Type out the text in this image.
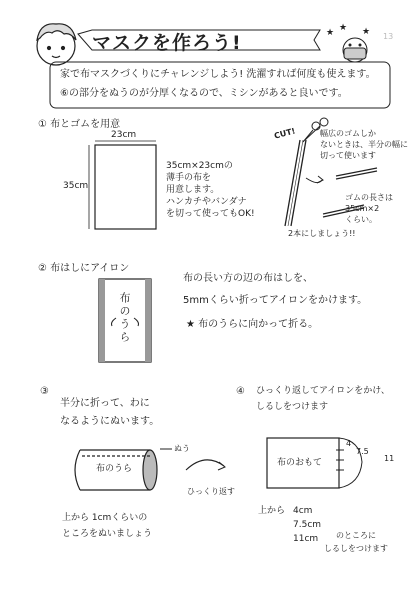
★ ★ ★
マスクを作ろう!	13
家で布マスクづくりにチャレンジしよう! 洗濯すれば何度も使えます。
⑥の部分をぬうのが分厚くなるので、ミシンがあると良いです。
① 布とゴムを用意
23cm
35cm
35cm×23cmの
薄手の布を
用意します。
ハンカチやバンダナ
を切って使ってもOK!
CUT!	幅広のゴムしか
ないときは、半分の幅に
切って使います
ゴムの長さは
35cm×2
くらい。
2本にしましょう!!
② 布はしにアイロン
布のうら
布の長い方の辺の布はしを、
5mmくらい折ってアイロンをかけます。
★ 布のうらに向かって折る。
③
半分に折って、わに
なるようにぬいます。
ぬう
布のうら
ひっくり返す
上から 1cmくらいの
ところをぬいましょう
④ ひっくり返してアイロンをかけ、
しるしをつけます
布のおもて
4
7.5
11
上から 4cm
7.5cm
11cm のところに
しるしをつけます
